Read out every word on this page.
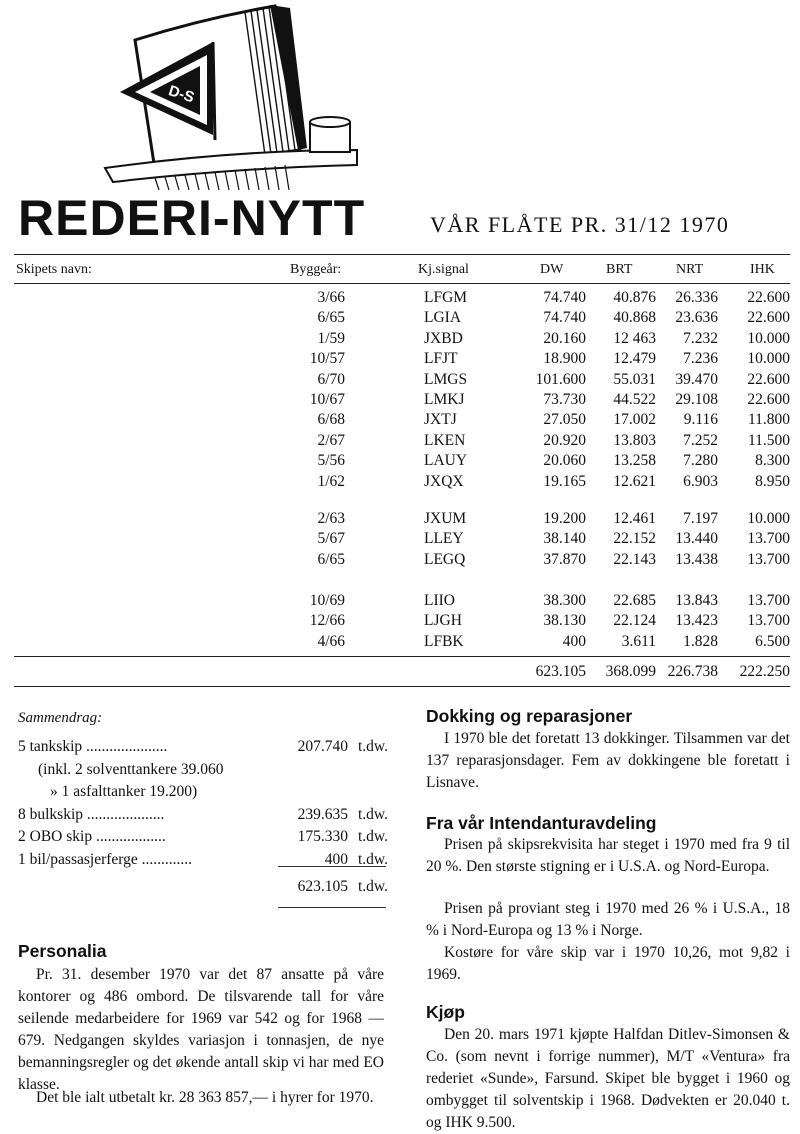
D-S
REDERI-NYTT	VÅR FLÅTE PR. 31/12 1970
Skipets navn:	Byggeår:	Kj.signal	DW	BRT	NRT	IHK
3/66	LFGM	74.740 40.876 26.336 22.600
6/65	LGIA	74.740 40.868 23.636 22.600
1/59	JXBD	20.160 12 463 7.232 10.000
10/57	LFJT	18.900 12.479 7.236 10.000
6/70	LMGS	101.600 55.031 39.470 22.600
10/67	LMKJ	73.730 44.522 29.108 22.600
6/68	JXTJ	27.050 17.002 9.116 11.800
2/67	LKEN	20.920 13.803 7.252 11.500
5/56	LAUY	20.060 13.258 7.280 8.300
1/62	JXQX	19.165 12.621 6.903 8.950
2/63	JXUM	19.200 12.461 7.197 10.000
5/67	LLEY	38.140 22.152 13.440 13.700
6/65	LEGQ	37.870 22.143 13.438 13.700
10/69	LIIO	38.300 22.685 13.843 13.700
12/66	LJGH	38.130 22.124 13.423 13.700
4/66	LFBK	400 3.611 1.828 6.500
623.105 368.099 226.738 222.250
Sammendrag:
5 tankskip .....................	207.740 t.dw.
(inkl. 2 solventtankere 39.060
» 1 asfalttanker 19.200)
8 bulkskip ....................	239.635 t.dw.
2 OBO skip ..................	175.330 t.dw.
1 bil/passasjerferge .............	400 t.dw.
623.105 t.dw.
Personalia

Pr. 31. desember 1970 var det 87 ansatte på våre kontorer og 486 ombord. De tilsvarende tall for våre seilende medarbeidere for 1969 var 542 og for 1968 — 679. Nedgangen skyldes variasjon i tonnasjen, de nye bemanningsregler og det økende antall skip vi har med EO klasse.

Det ble ialt utbetalt kr. 28 363 857,— i hyrer for 1970.

Dokking og reparasjoner

I 1970 ble det foretatt 13 dokkinger. Tilsammen var det 137 reparasjonsdager. Fem av dokkingene ble foretatt i Lisnave.

Fra vår Intendanturavdeling

Prisen på skipsrekvisita har steget i 1970 med fra 9 til 20 %. Den største stigning er i U.S.A. og Nord-Europa.

Prisen på proviant steg i 1970 med 26 % i U.S.A., 18 % i Nord-Europa og 13 % i Norge.

Kostøre for våre skip var i 1970 10,26, mot 9,82 i 1969.

Kjøp

Den 20. mars 1971 kjøpte Halfdan Ditlev-Simonsen & Co. (som nevnt i forrige nummer), M/T «Ventura» fra rederiet «Sunde», Farsund. Skipet ble bygget i 1960 og ombygget til solventskip i 1968. Dødvekten er 20.040 t. og IHK 9.500.
